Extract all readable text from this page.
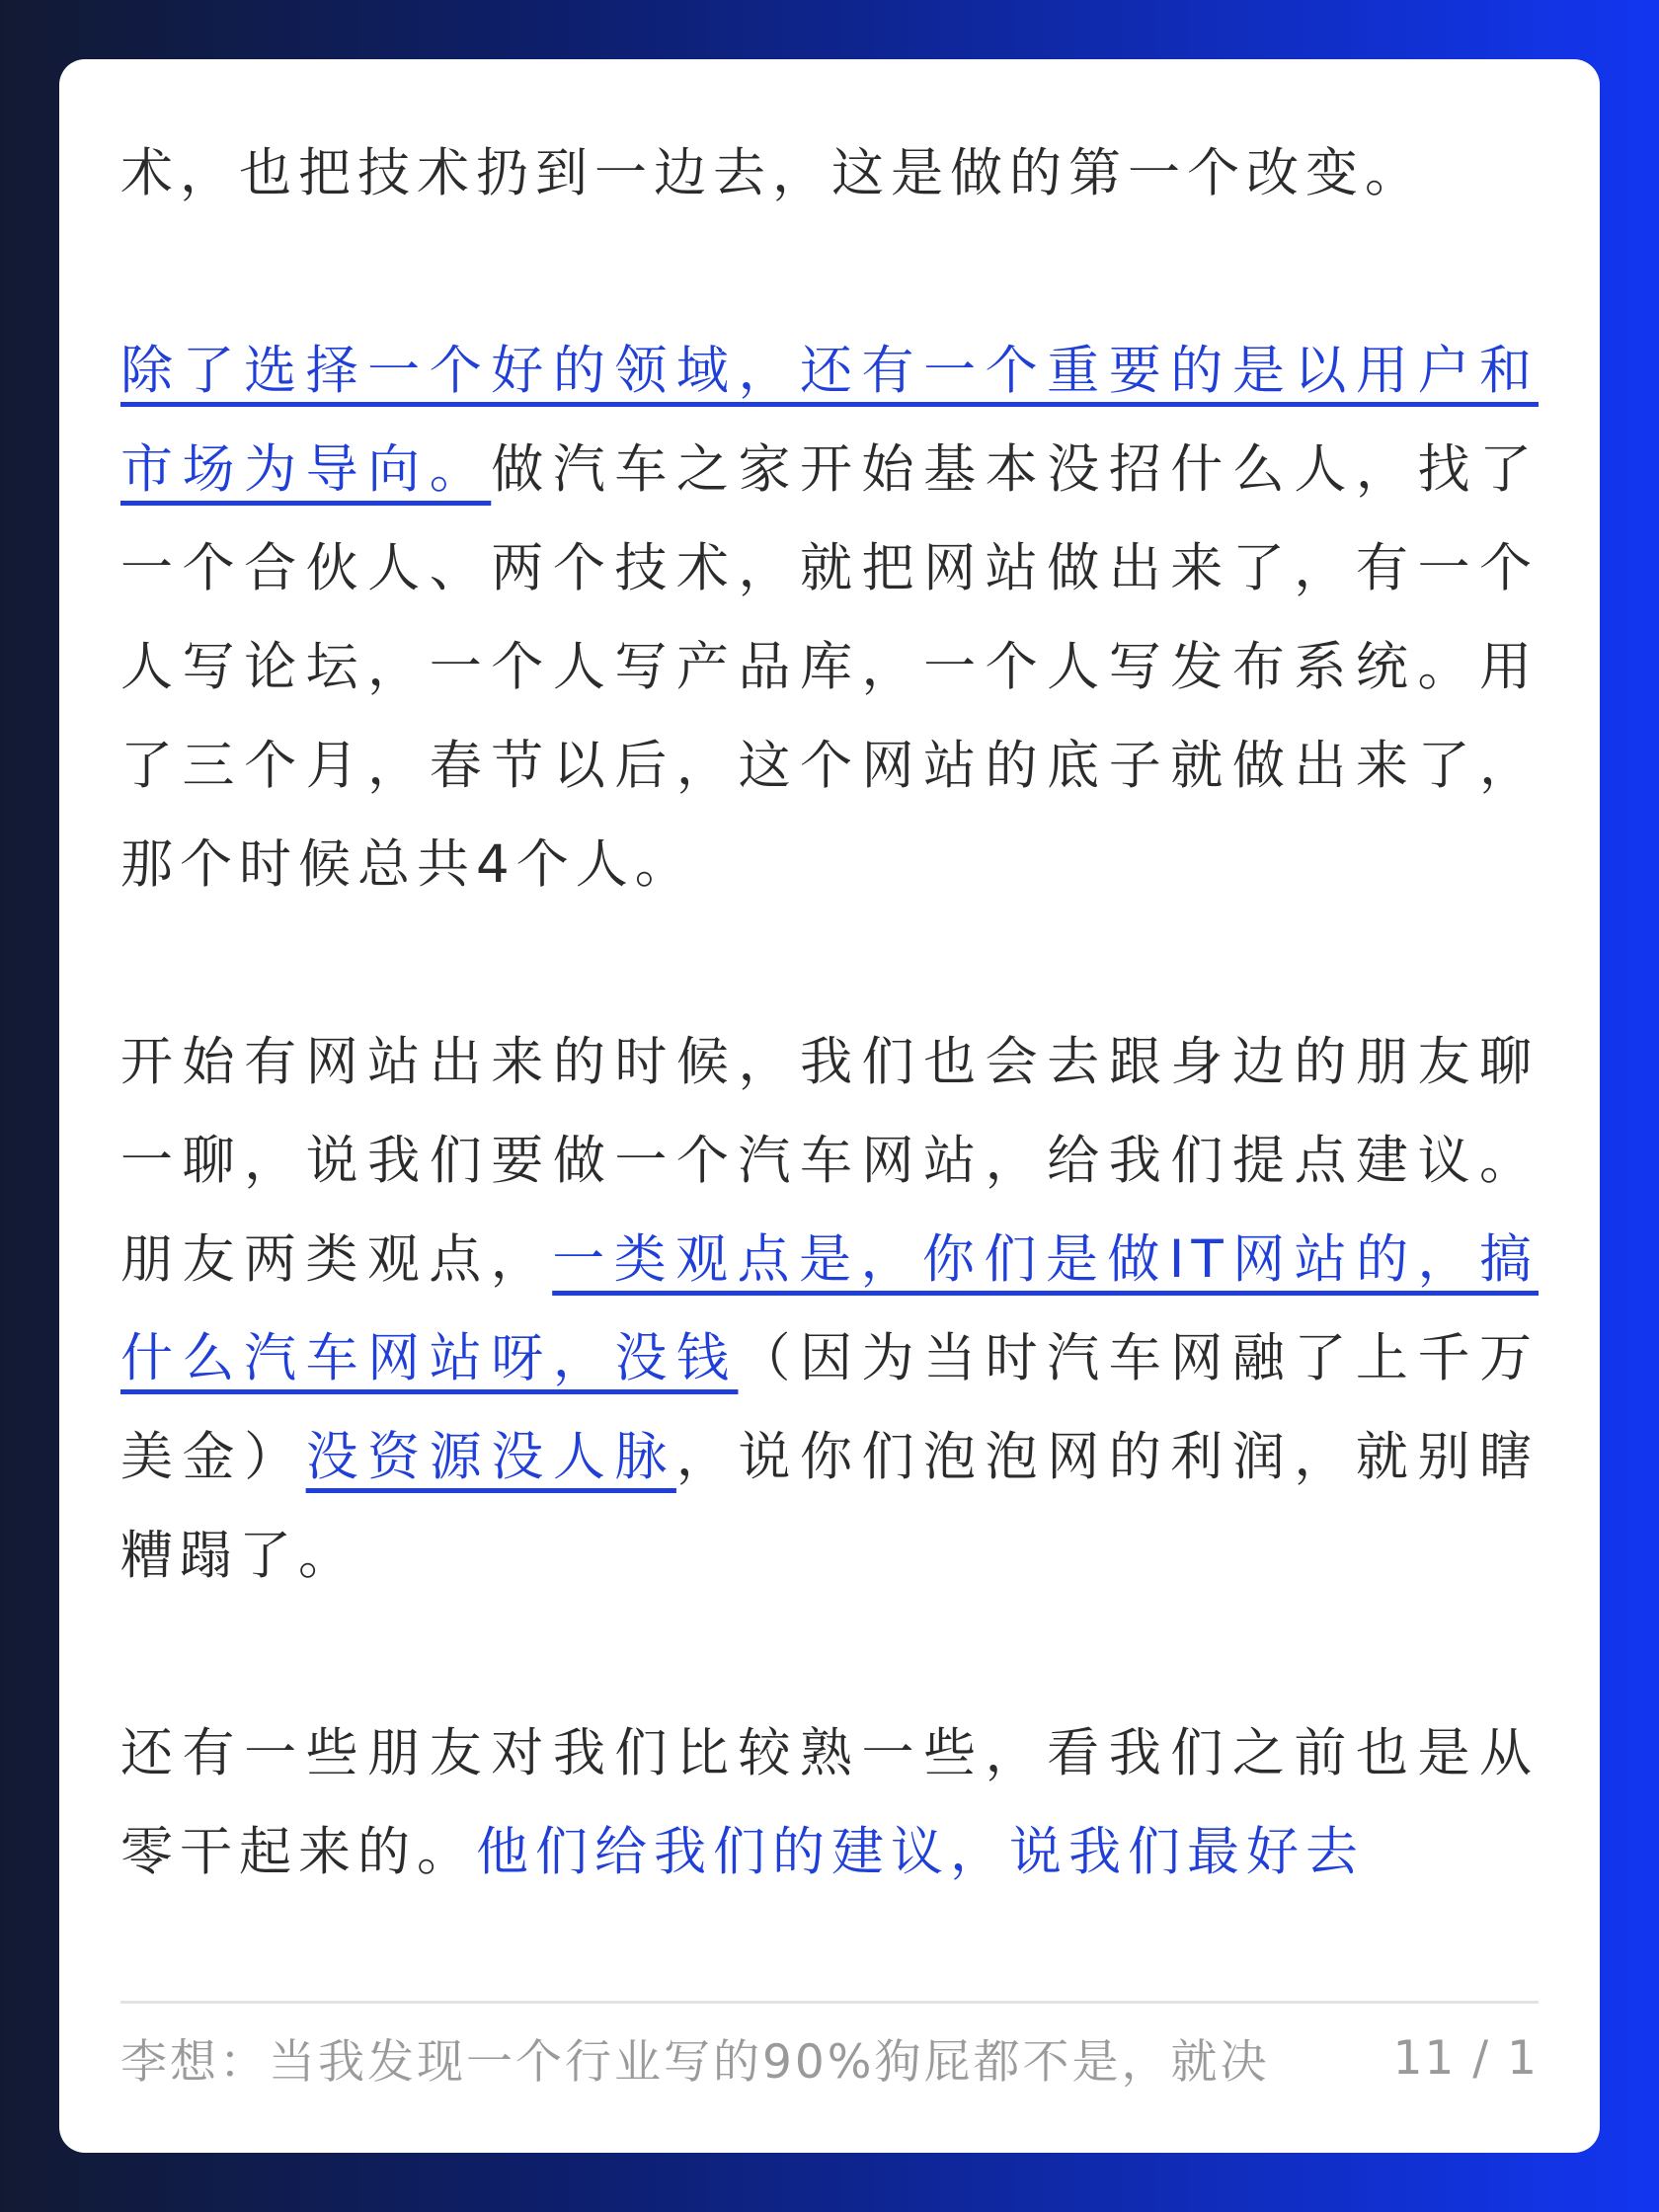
术，也把技术扔到一边去，这是做的第一个改变。

除了选择一个好的领域，还有一个重要的是以用户和市场为导向。做汽车之家开始基本没招什么人，找了一个合伙人、两个技术，就把网站做出来了，有一个人写论坛，一个人写产品库，一个人写发布系统。用了三个月，春节以后，这个网站的底子就做出来了，那个时候总共4个人。

开始有网站出来的时候，我们也会去跟身边的朋友聊一聊，说我们要做一个汽车网站，给我们提点建议。朋友两类观点，一类观点是，你们是做IT网站的，搞什么汽车网站呀，没钱（因为当时汽车网融了上千万美金）没资源没人脉，说你们泡泡网的利润，就别瞎糟蹋了。

还有一些朋友对我们比较熟一些，看我们之前也是从零干起来的。他们给我们的建议，说我们最好去

李想：当我发现一个行业写的90%狗屁都不是，就决	11 / 1
